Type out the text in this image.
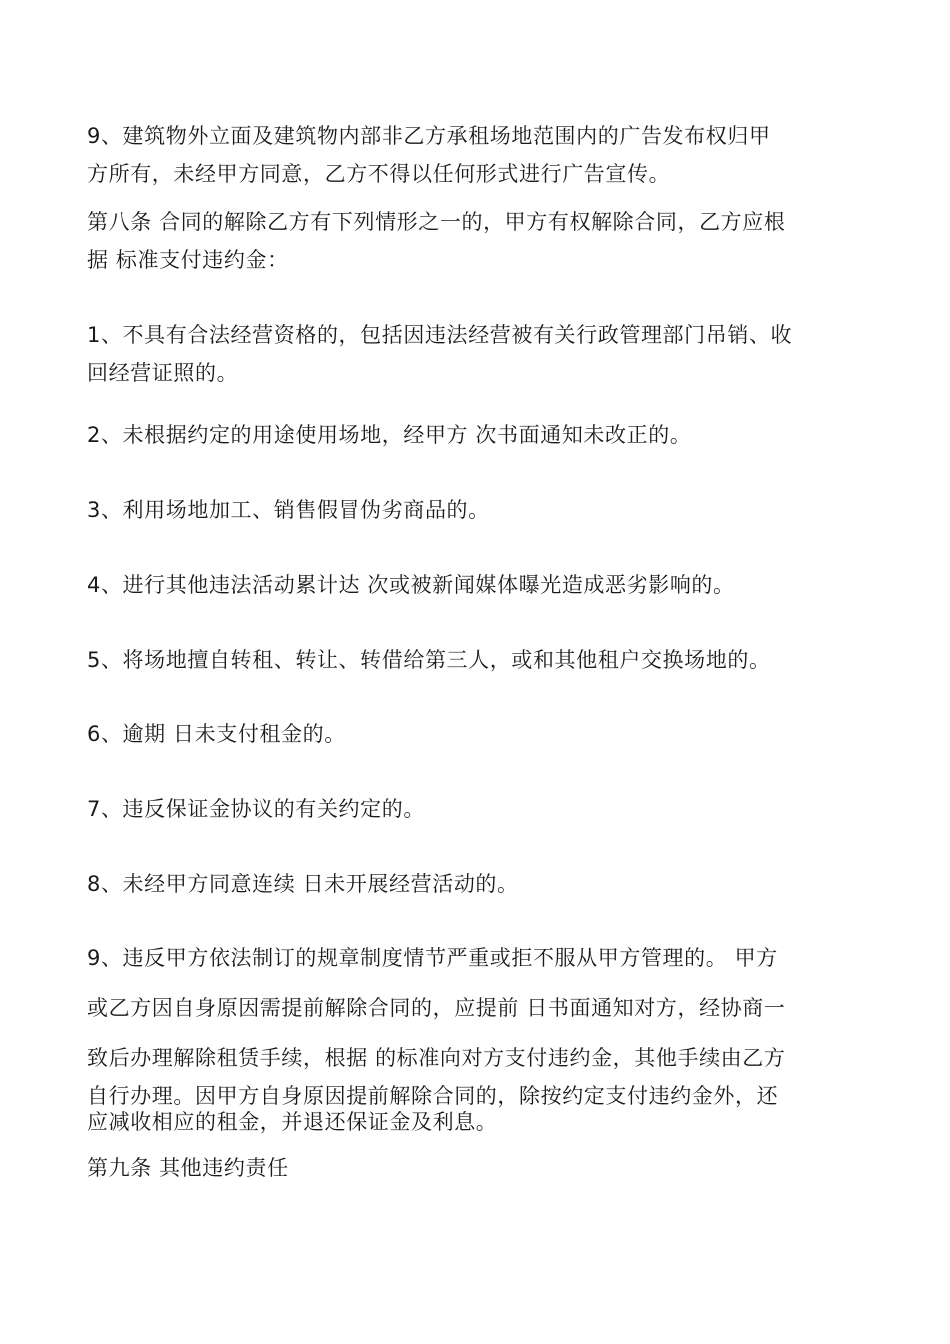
9、建筑物外立面及建筑物内部非乙方承租场地范围内的广告发布权归甲
方所有，未经甲方同意，乙方不得以任何形式进行广告宣传。
第八条 合同的解除乙方有下列情形之一的，甲方有权解除合同，乙方应根
据 标准支付违约金：
1、不具有合法经营资格的，包括因违法经营被有关行政管理部门吊销、收
回经营证照的。
2、未根据约定的用途使用场地，经甲方 次书面通知未改正的。
3、利用场地加工、销售假冒伪劣商品的。
4、进行其他违法活动累计达 次或被新闻媒体曝光造成恶劣影响的。
5、将场地擅自转租、转让、转借给第三人，或和其他租户交换场地的。
6、逾期 日未支付租金的。
7、违反保证金协议的有关约定的。
8、未经甲方同意连续 日未开展经营活动的。
9、违反甲方依法制订的规章制度情节严重或拒不服从甲方管理的。 甲方
或乙方因自身原因需提前解除合同的，应提前 日书面通知对方，经协商一
致后办理解除租赁手续，根据 的标准向对方支付违约金，其他手续由乙方
自行办理。因甲方自身原因提前解除合同的，除按约定支付违约金外，还
应减收相应的租金，并退还保证金及利息。
第九条 其他违约责任
